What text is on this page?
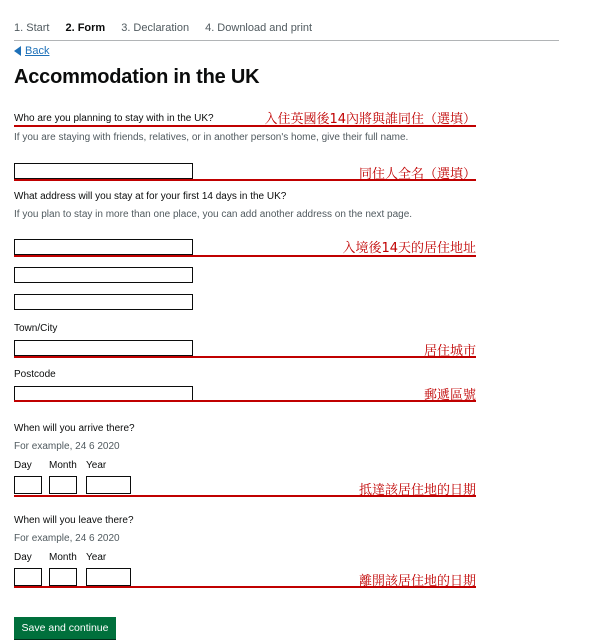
1. Start 2. Form 3. Declaration 4. Download and print
Back
Accommodation in the UK
Who are you planning to stay with in the UK?	入住英國後14內將與誰同住（選填）
If you are staying with friends, relatives, or in another person's home, give their full name.
同住人全名（選填）
What address will you stay at for your first 14 days in the UK?
If you plan to stay in more than one place, you can add another address on the next page.
入境後14天的居住地址
Town/City
居住城市
Postcode
郵遞區號
When will you arrive there?
For example, 24 6 2020
Day Month Year
抵達該居住地的日期
When will you leave there?
For example, 24 6 2020
Day Month Year
離開該居住地的日期
Save and continue
